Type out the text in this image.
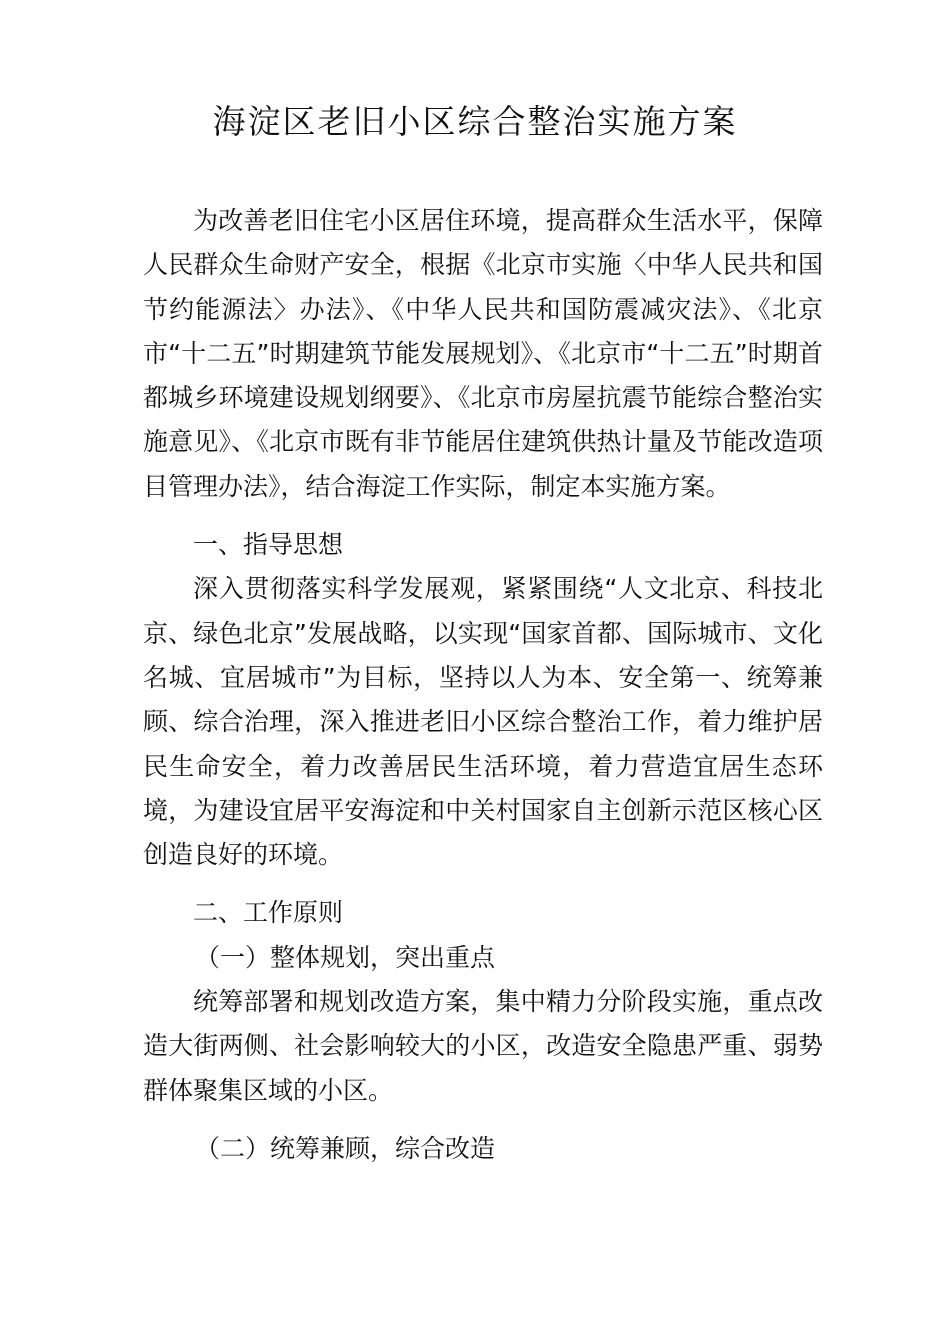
海淀区老旧小区综合整治实施方案

为改善老旧住宅小区居住环境，提高群众生活水平，保障人民群众生命财产安全，根据《北京市实施〈中华人民共和国节约能源法〉办法》、《中华人民共和国防震减灾法》、《北京市“十二五”时期建筑节能发展规划》、《北京市“十二五”时期首都城乡环境建设规划纲要》、《北京市房屋抗震节能综合整治实施意见》、《北京市既有非节能居住建筑供热计量及节能改造项目管理办法》，结合海淀工作实际，制定本实施方案。

一、指导思想

深入贯彻落实科学发展观，紧紧围绕“人文北京、科技北京、绿色北京”发展战略，以实现“国家首都、国际城市、文化名城、宜居城市”为目标，坚持以人为本、安全第一、统筹兼顾、综合治理，深入推进老旧小区综合整治工作，着力维护居民生命安全，着力改善居民生活环境，着力营造宜居生态环境，为建设宜居平安海淀和中关村国家自主创新示范区核心区创造良好的环境。

二、工作原则

（一）整体规划，突出重点

统筹部署和规划改造方案，集中精力分阶段实施，重点改造大街两侧、社会影响较大的小区，改造安全隐患严重、弱势群体聚集区域的小区。

（二）统筹兼顾，综合改造
